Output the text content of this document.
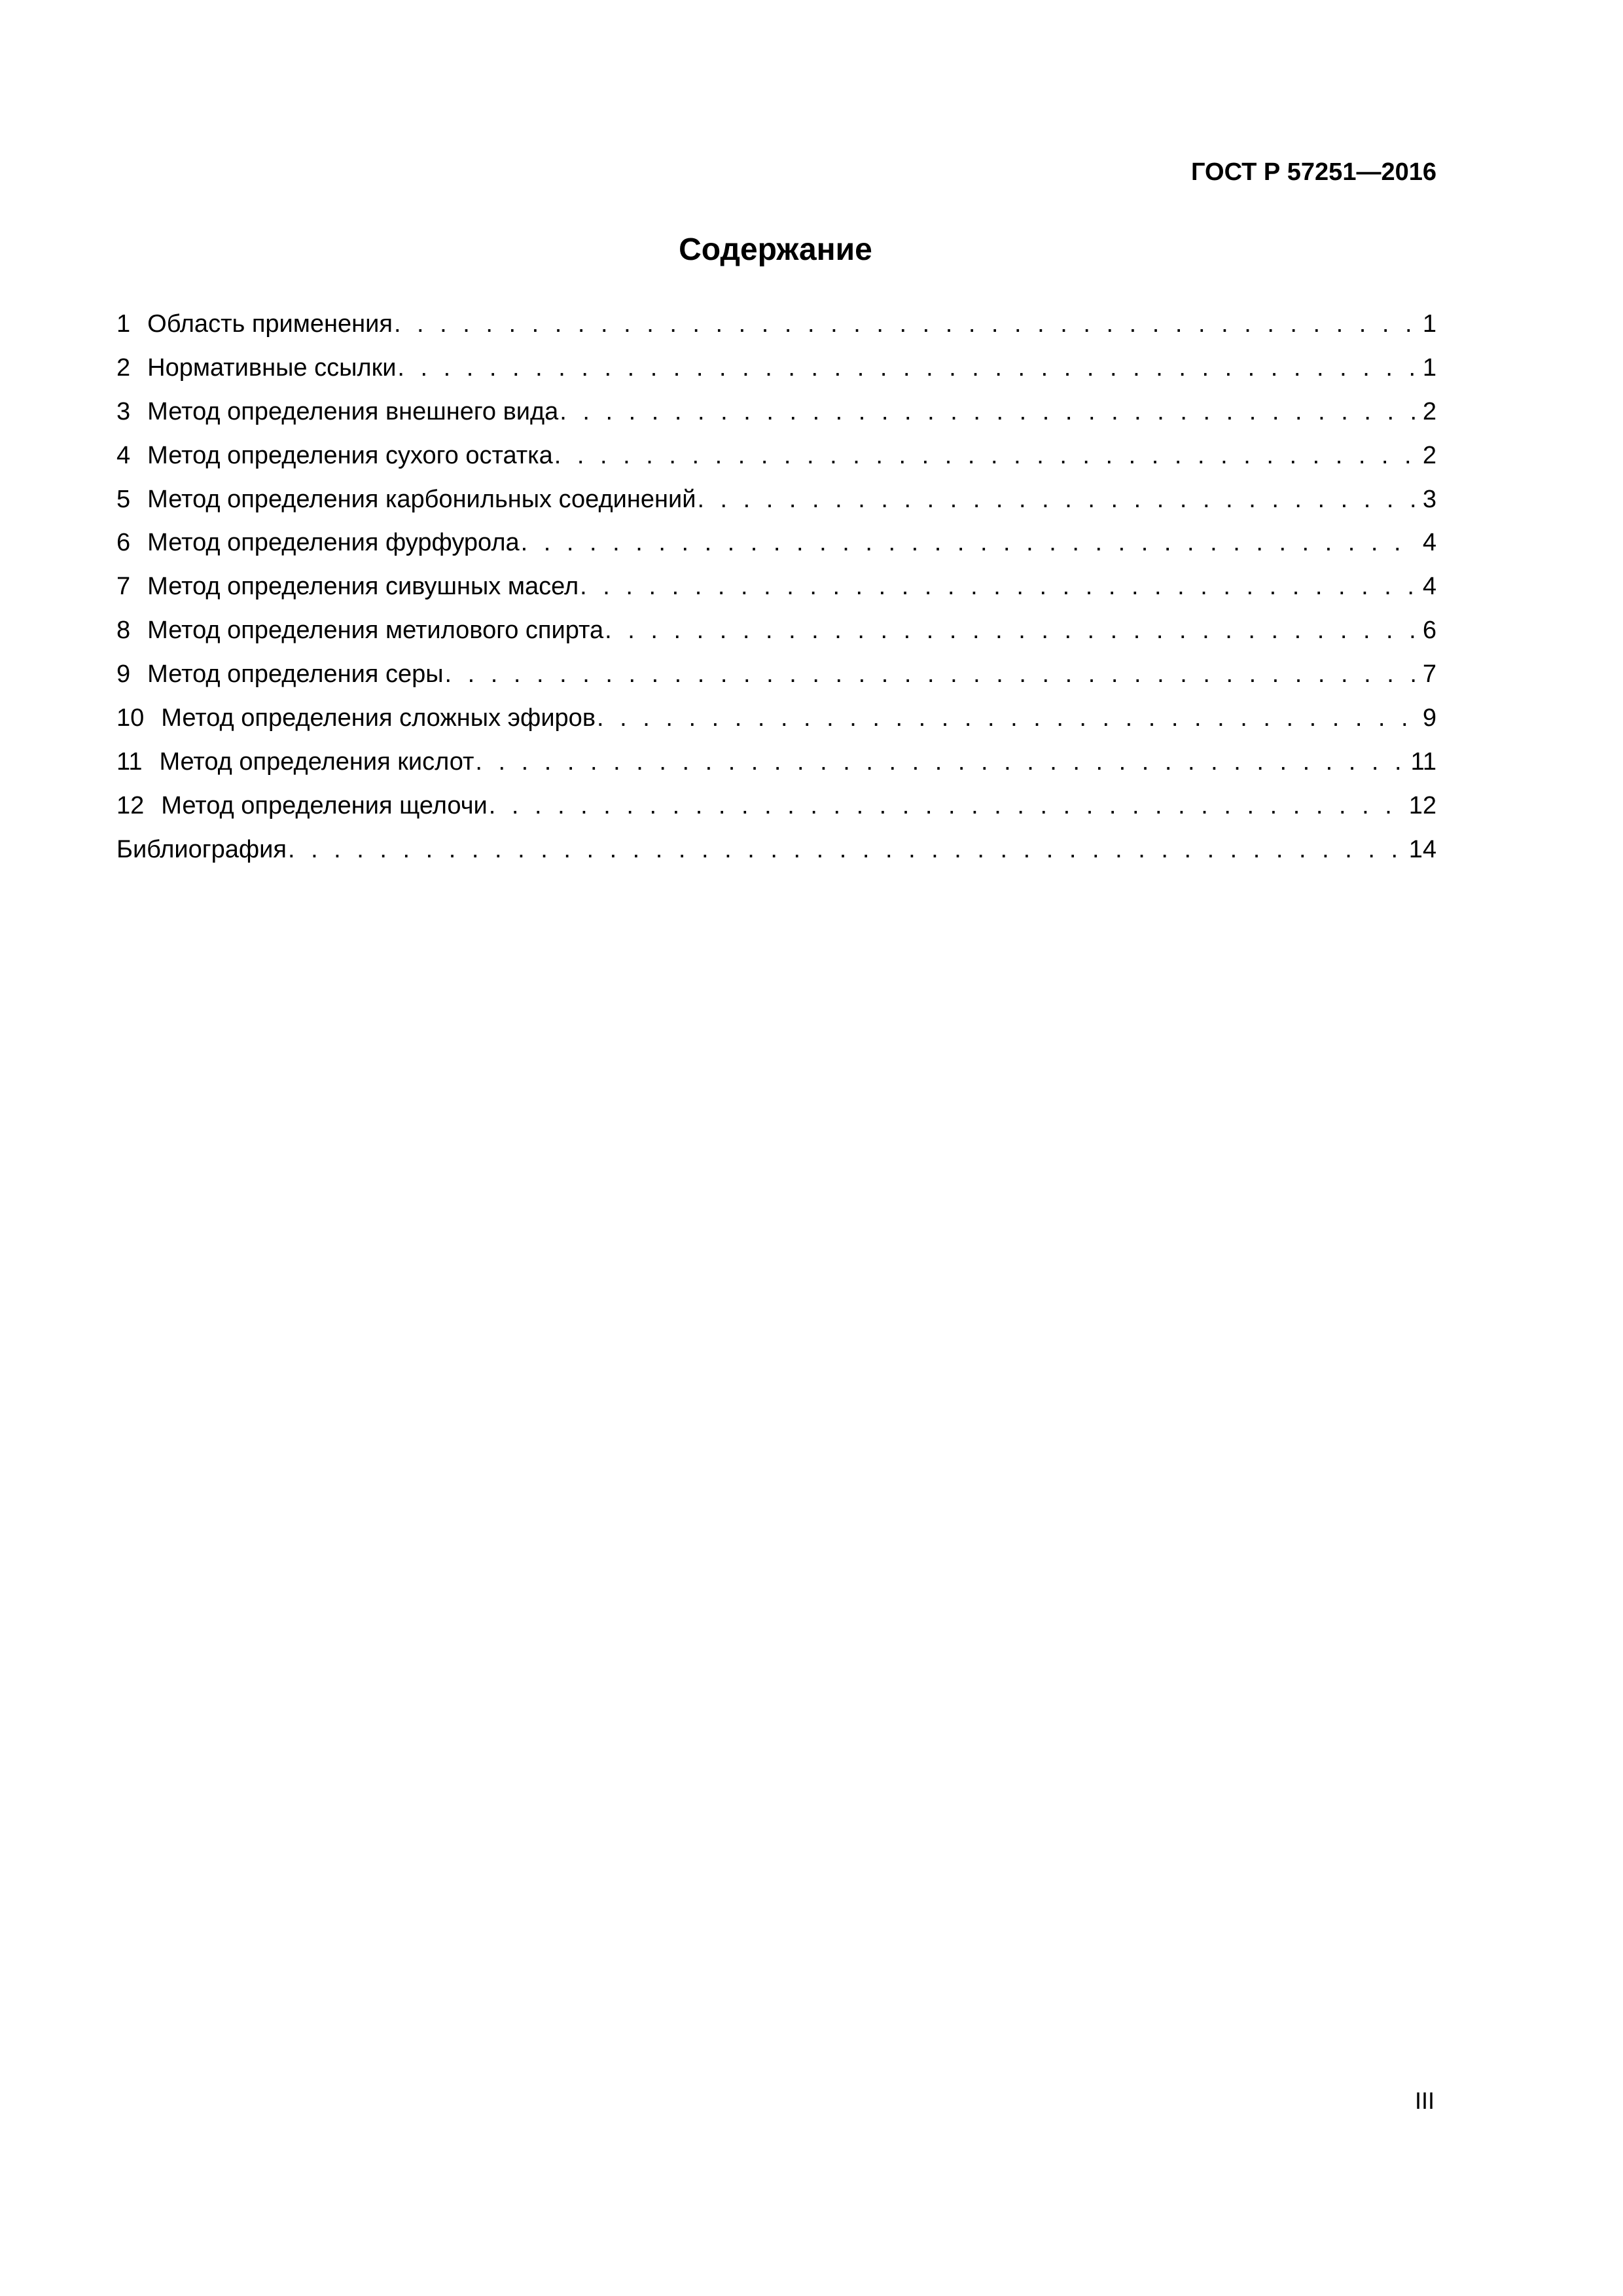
ГОСТ Р 57251—2016
Содержание
1 Область применения . . .	1
2 Нормативные ссылки . . .	1
3 Метод определения внешнего вида . . .	2
4 Метод определения сухого остатка . . .	2
5 Метод определения карбонильных соединений . . .	3
6 Метод определения фурфурола . . .	4
7 Метод определения сивушных масел . . .	4
8 Метод определения метилового спирта . . .	6
9 Метод определения серы . . .	7
10 Метод определения сложных эфиров . . .	9
11 Метод определения кислот . . .	11
12 Метод определения щелочи . . .	12
Библиография . . .	14
III
